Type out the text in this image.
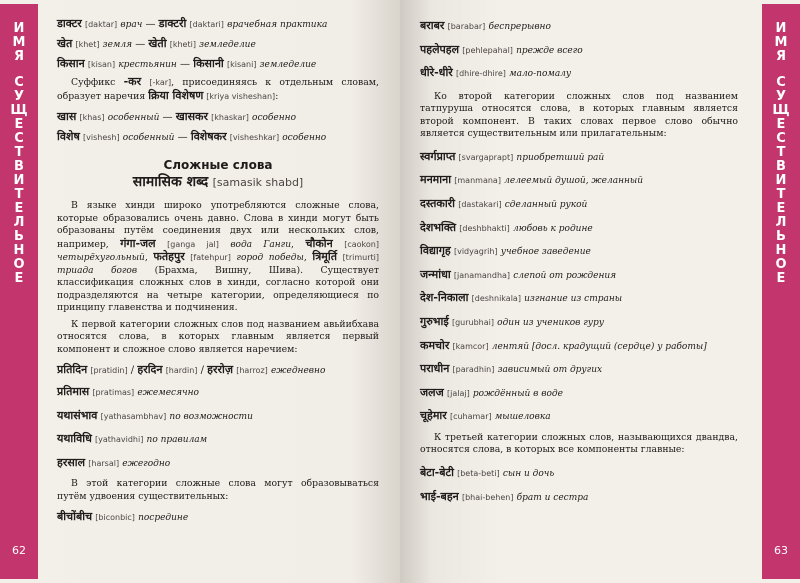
И
М
Я
С
У
Щ
Е
С
Т
В
И
Т
Е
Л
Ь
Н
О
Е
62
डाक्टर [daktar] врач — डाक्टरी [daktari] врачебная практика
खेत [khet] земля — खेती [kheti] земледелие
किसान [kisan] крестьянин — किसानी [kisani] земледелие
Суффикс -कर [-kar], присоединяясь к отдельным словам, образует наречия क्रिया विशेषण [kriya visheshan]:
खास [khas] особенный — खासकर [khaskar] особенно
विशेष [vishesh] особенный — विशेषकर [vishеshkar] особенно
Сложные слова
सामासिक शब्द [samasik shabd]
В языке хинди широко употребляются сложные слова, которые образовались очень давно. Слова в хинди могут быть образованы путём соединения двух или нескольких слов, например, गंगा-जल [ganga jal] вода Ганги, चौकोन [caokon] четырёхугольный, फतेहपुर [fatehpur] город победы, त्रिमूर्ति [trimurti] триада богов (Брахма, Вишну, Шива). Существует классификация сложных слов в хинди, согласно которой они подразделяются на четыре категории, определяющиеся по принципу главенства и подчинения.
К первой категории сложных слов под названием авьйибхава относятся слова, в которых главным является первый компонент и сложное слово является наречием:
प्रतिदिन [pratidin] / हरदिन [hardin] / हररोज़ [harroz] ежедневно
प्रतिमास [pratimas] ежемесячно
यथासंभाव [yathasambhav] по возможности
यथाविधि [yathavidhi] по правилам
हरसाल [harsal] ежегодно
В этой категории сложные слова могут образовываться путём удвоения существительных:
बीचोंबीच [biconbic] посредине
И
М
Я
С
У
Щ
Е
С
Т
В
И
Т
Е
Л
Ь
Н
О
Е
63
बराबर [barabar] беспрерывно
पहलेपहल [pehlepahal] прежде всего
धीरे-धीरे [dhire-dhire] мало-помалу
Ко второй категории сложных слов под названием татпуруша относятся слова, в которых главным является второй компонент. В таких словах первое слово обычно является существительным или прилагательным:
स्वर्गप्राप्त [svargaprapt] приобретший рай
मनमाना [manmana] лелеемый душой, желанный
दस्तकारी [dastakari] сделанный рукой
देशभक्ति [deshbhakti] любовь к родине
विद्यागृह [vidyagrih] учебное заведение
जन्मांधा [janamandha] слепой от рождения
देश-निकाला [deshnikala] изгнание из страны
गुरुभाई [gurubhai] один из учеников гуру
कमचोर [kamcor] лентяй [досл. крадущий (сердце) у работы]
पराधीन [paradhin] зависимый от других
जलज [jalaj] рождённый в воде
चूहेमार [cuhamar] мышеловка
К третьей категории сложных слов, называющихся двандва, относятся слова, в которых все компоненты главные:
बेटा-बेटी [beta-beti] сын и дочь
भाई-बहन [bhai-behen] брат и сестра
